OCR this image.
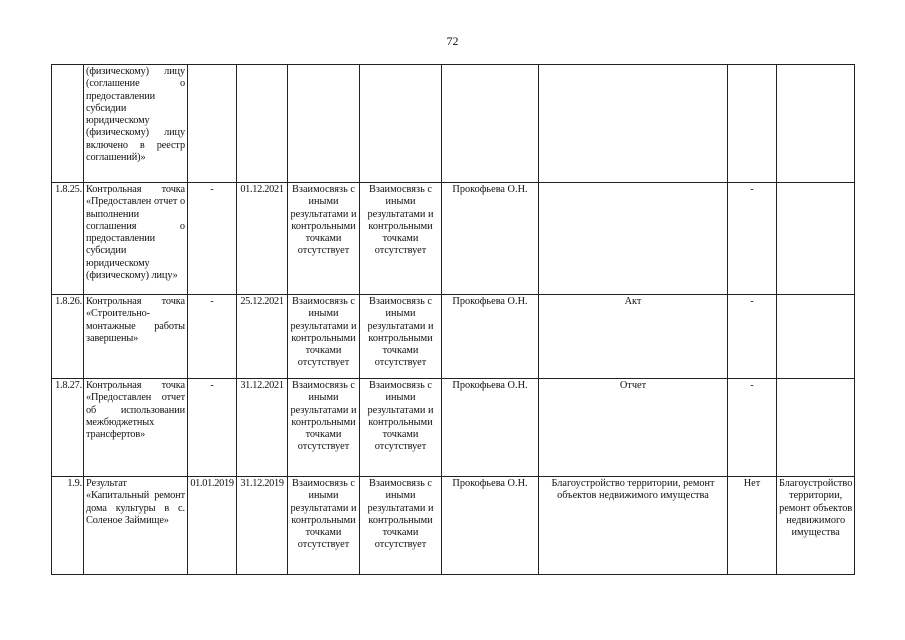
72

	(физическому) лицу (соглашение о предоставлении субсидии юридическому (физическому) лицу включено в реестр соглашений)»								

1.8.25.	Контрольная точка «Предоставлен отчет о выполнении соглашения о предоставлении субсидии юридическому (физическому) лицу»	-	01.12.2021	Взаимосвязь с иными результатами и контрольными точками отсутствует	Взаимосвязь с иными результатами и контрольными точками отсутствует	Прокофьева О.Н.		-	

1.8.26.	Контрольная точка «Строительно-монтажные работы завершены»	-	25.12.2021	Взаимосвязь с иными результатами и контрольными точками отсутствует	Взаимосвязь с иными результатами и контрольными точками отсутствует	Прокофьева О.Н.	Акт	-	

1.8.27.	Контрольная точка «Предоставлен отчет об использовании межбюджетных трансфертов»	-	31.12.2021	Взаимосвязь с иными результатами и контрольными точками отсутствует	Взаимосвязь с иными результатами и контрольными точками отсутствует	Прокофьева О.Н.	Отчет	-	

1.9.	Результат «Капитальный ремонт дома культуры в с. Соленое Займище»	01.01.2019	31.12.2019	Взаимосвязь с иными результатами и контрольными точками отсутствует	Взаимосвязь с иными результатами и контрольными точками отсутствует	Прокофьева О.Н.	Благоустройство территории, ремонт объектов недвижимого имущества	Нет	Благоустройство территории, ремонт объектов недвижимого имущества
